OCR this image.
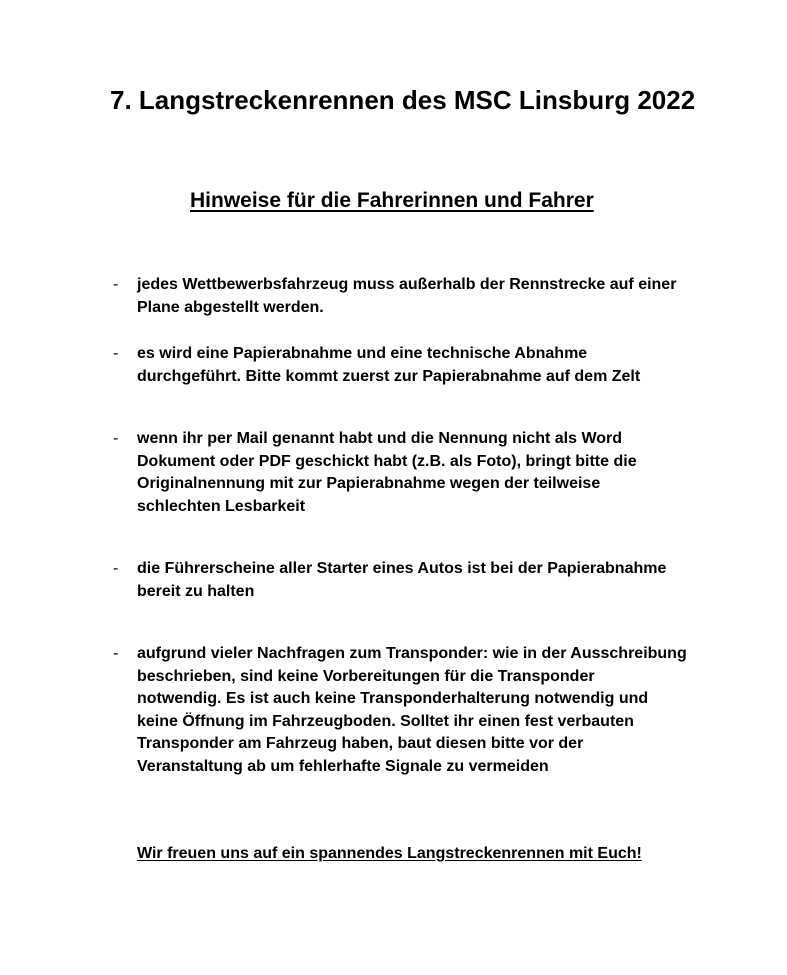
7. Langstreckenrennen des MSC Linsburg 2022
Hinweise für die Fahrerinnen und Fahrer
- jedes Wettbewerbsfahrzeug muss außerhalb der Rennstrecke auf einer
Plane abgestellt werden.

- es wird eine Papierabnahme und eine technische Abnahme
durchgeführt. Bitte kommt zuerst zur Papierabnahme auf dem Zelt

- wenn ihr per Mail genannt habt und die Nennung nicht als Word
Dokument oder PDF geschickt habt (z.B. als Foto), bringt bitte die
Originalnennung mit zur Papierabnahme wegen der teilweise
schlechten Lesbarkeit

- die Führerscheine aller Starter eines Autos ist bei der Papierabnahme
bereit zu halten

- aufgrund vieler Nachfragen zum Transponder: wie in der Ausschreibung
beschrieben, sind keine Vorbereitungen für die Transponder
notwendig. Es ist auch keine Transponderhalterung notwendig und
keine Öffnung im Fahrzeugboden. Solltet ihr einen fest verbauten
Transponder am Fahrzeug haben, baut diesen bitte vor der
Veranstaltung ab um fehlerhafte Signale zu vermeiden

Wir freuen uns auf ein spannendes Langstreckenrennen mit Euch!
